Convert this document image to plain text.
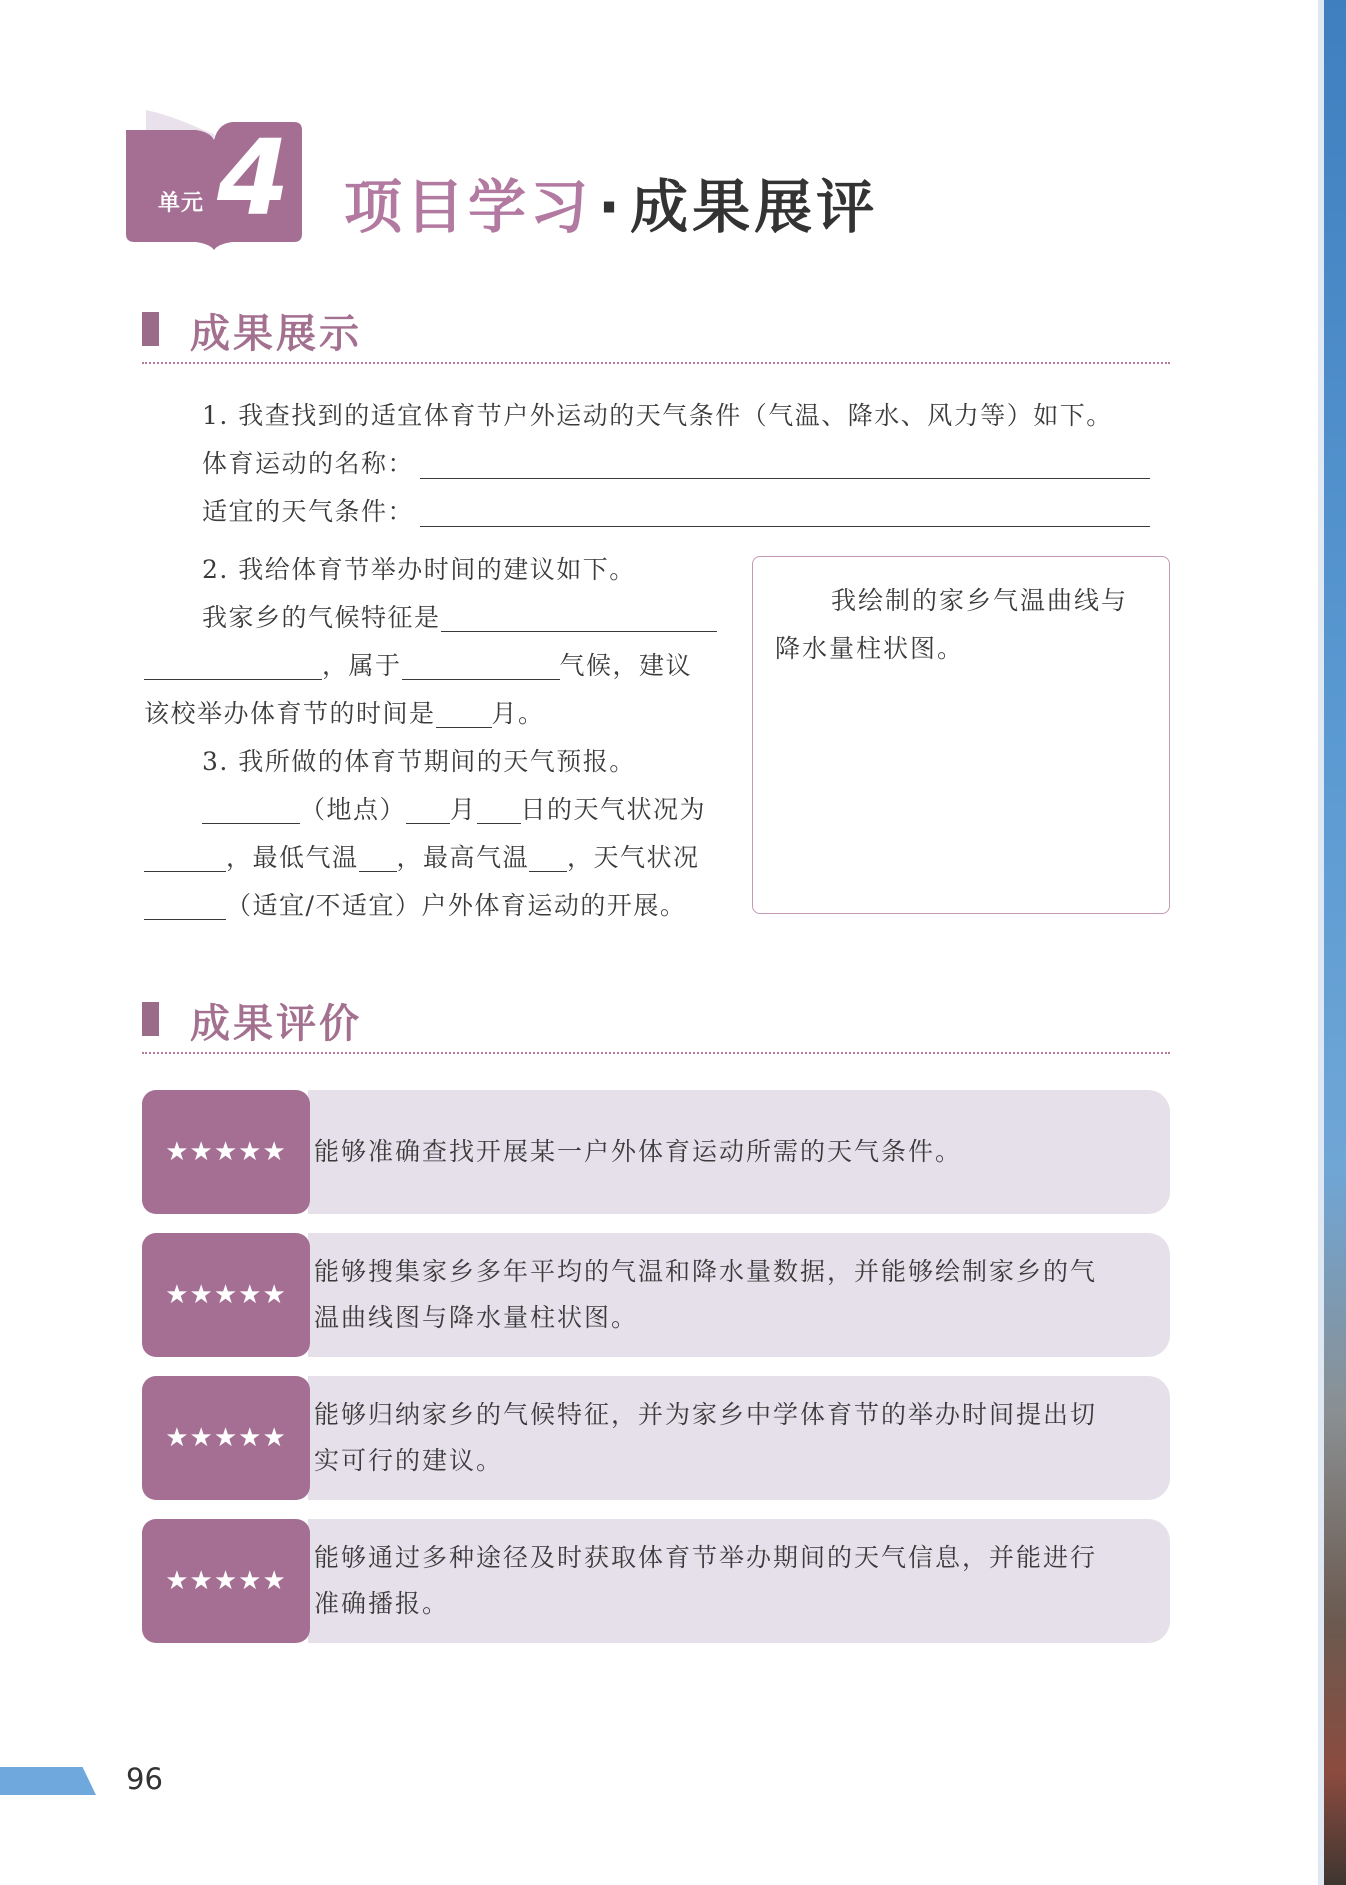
单元 4 项目学习 · 成果展评
成果展示
1. 我查找到的适宜体育节户外运动的天气条件（气温、降水、风力等）如下。
体育运动的名称：
适宜的天气条件：
2. 我给体育节举办时间的建议如下。
我家乡的气候特征是
，属于	气候，建议
该校举办体育节的时间是 月。
3. 我所做的体育节期间的天气预报。
（地点） 月 日的天气状况为
，最低气温 ，最高气温 ，天气状况
（适宜/不适宜）户外体育运动的开展。
我绘制的家乡气温曲线与降水量柱状图。
成果评价
★★★★★ 能够准确查找开展某一户外体育运动所需的天气条件。
★★★★★
能够搜集家乡多年平均的气温和降水量数据，并能够绘制家乡的气
温曲线图与降水量柱状图。
★★★★★
能够归纳家乡的气候特征，并为家乡中学体育节的举办时间提出切
实可行的建议。
★★★★★
能够通过多种途径及时获取体育节举办期间的天气信息，并能进行
准确播报。
96
